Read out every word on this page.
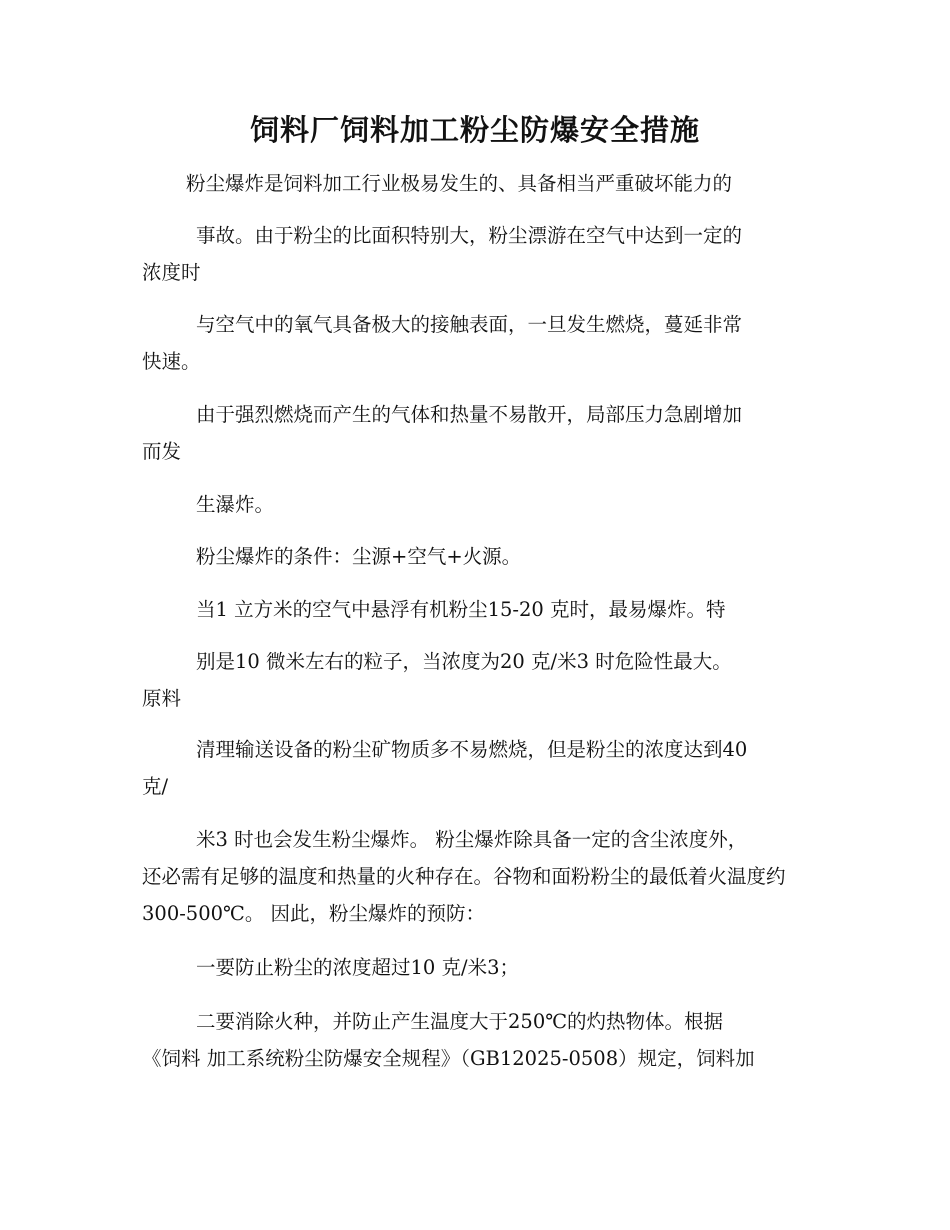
饲料厂饲料加工粉尘防爆安全措施

粉尘爆炸是饲料加工行业极易发生的、具备相当严重破坏能力的

事故。由于粉尘的比面积特别大，粉尘漂游在空气中达到一定的
浓度时

与空气中的氧气具备极大的接触表面，一旦发生燃烧，蔓延非常
快速。

由于强烈燃烧而产生的气体和热量不易散开，局部压力急剧增加
而发

生瀑炸。

粉尘爆炸的条件：尘源+空气+火源。

当1 立方米的空气中悬浮有机粉尘15-20 克时，最易爆炸。特

别是10 微米左右的粒子，当浓度为20 克/米3 时危险性最大。
原料

清理输送设备的粉尘矿物质多不易燃烧，但是粉尘的浓度达到40
克/

米3 时也会发生粉尘爆炸。 粉尘爆炸除具备一定的含尘浓度外，
还必需有足够的温度和热量的火种存在。谷物和面粉粉尘的最低着火温度约300-500℃。 因此，粉尘爆炸的预防：

一要防止粉尘的浓度超过10 克/米3；

二要消除火种，并防止产生温度大于250℃的灼热物体。根据
《饲料 加工系统粉尘防爆安全规程》（GB12025-0508）规定，饲料加
